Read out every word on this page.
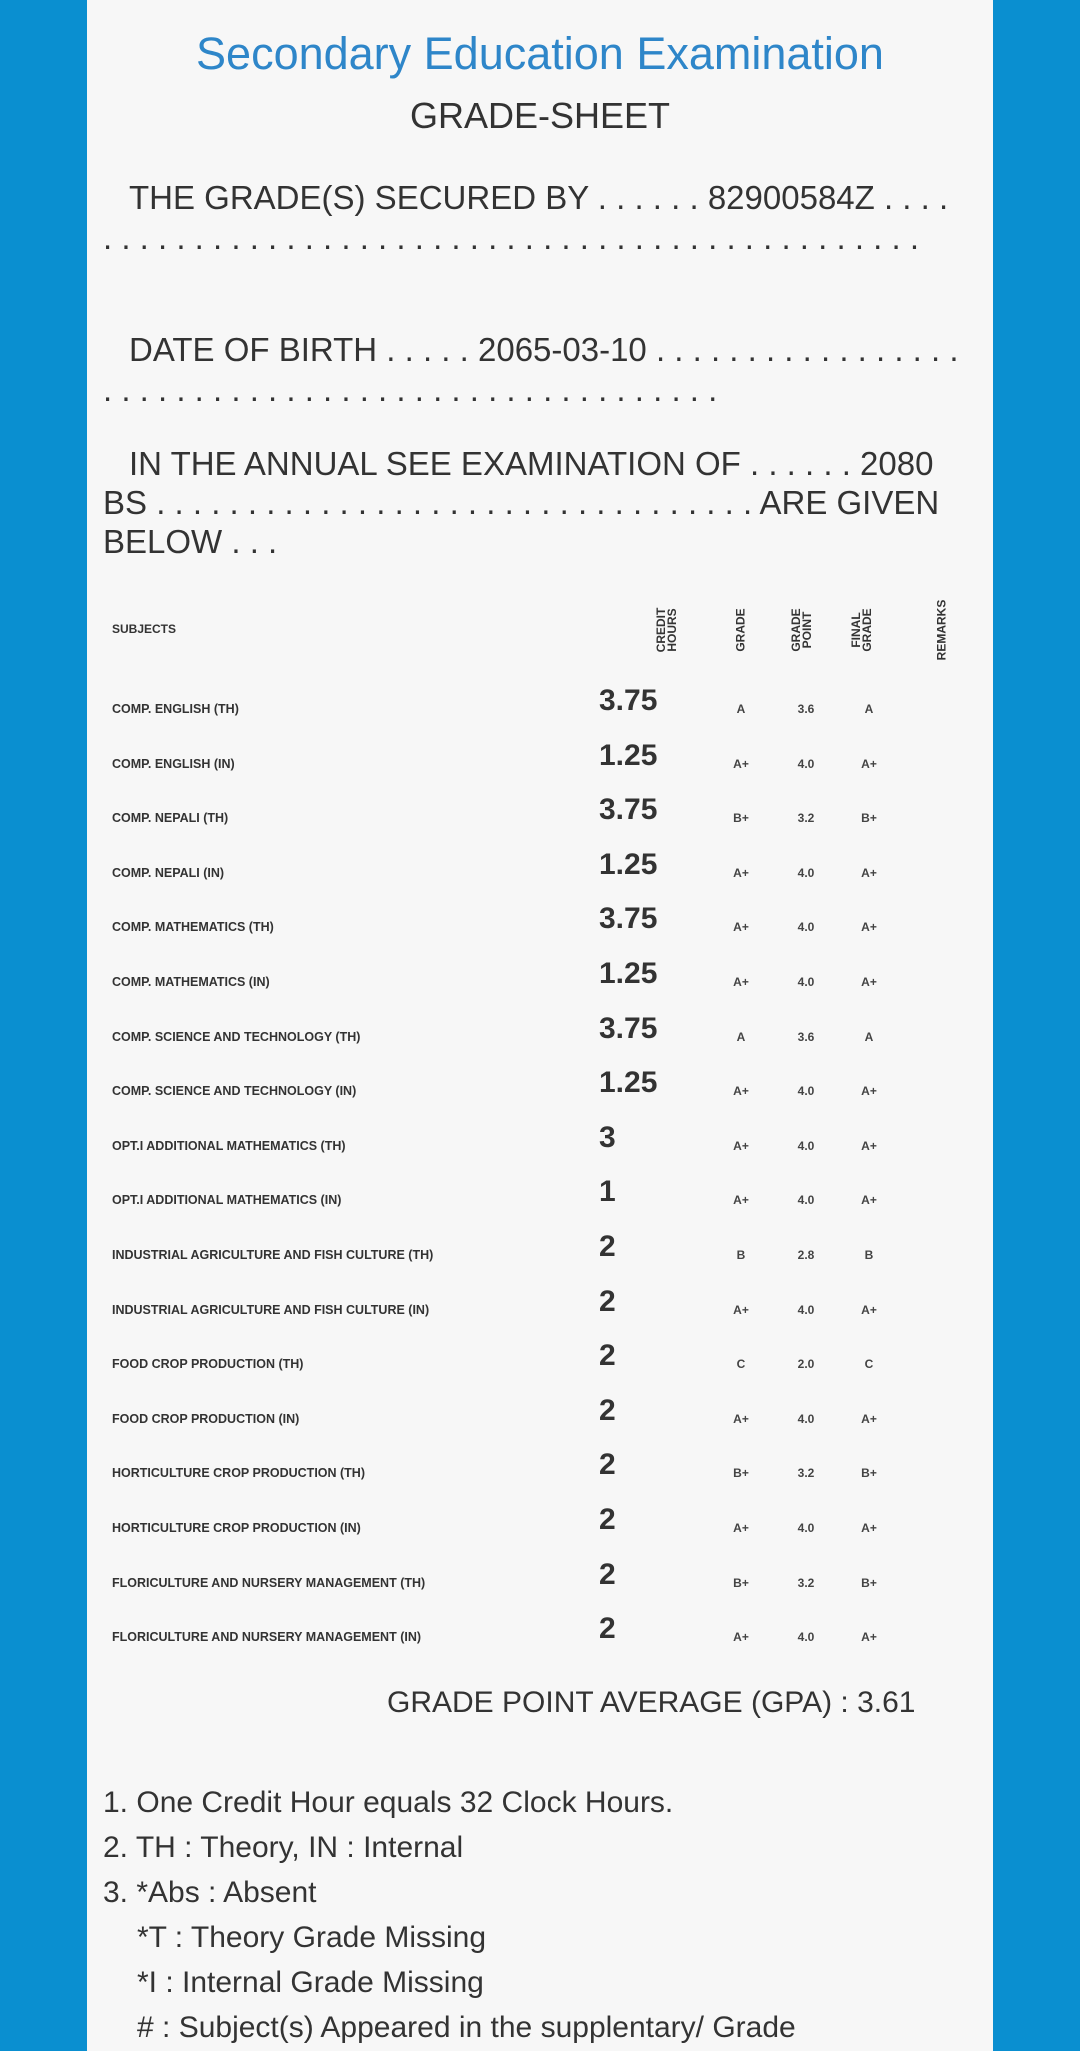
Secondary Education Examination
GRADE-SHEET
THE GRADE(S) SECURED BY . . . . . . 82900584Z . . . . . . . . . . . . . . . . . . . . . . . . . . . . . . . . . . . . . . . . . . . . . . . . .
DATE OF BIRTH . . . . . 2065-03-10 . . . . . . . . . . . . . . . . . . . . . . . . . . . . . . . . . . . . . . . . . . . . . . . . . . .
IN THE ANNUAL SEE EXAMINATION OF . . . . . . 2080 BS . . . . . . . . . . . . . . . . . . . . . . . . . . . . . . . . . ARE GIVEN BELOW . . .
SUBJECTS	CREDIT HOURS	GRADE	GRADE POINT	FINAL GRADE	REMARKS
COMP. ENGLISH (TH)	3.75	A	3.6	A
COMP. ENGLISH (IN)	1.25	A+	4.0	A+
COMP. NEPALI (TH)	3.75	B+	3.2	B+
COMP. NEPALI (IN)	1.25	A+	4.0	A+
COMP. MATHEMATICS (TH)	3.75	A+	4.0	A+
COMP. MATHEMATICS (IN)	1.25	A+	4.0	A+
COMP. SCIENCE AND TECHNOLOGY (TH)	3.75	A	3.6	A
COMP. SCIENCE AND TECHNOLOGY (IN)	1.25	A+	4.0	A+
OPT.I ADDITIONAL MATHEMATICS (TH)	3	A+	4.0	A+
OPT.I ADDITIONAL MATHEMATICS (IN)	1	A+	4.0	A+
INDUSTRIAL AGRICULTURE AND FISH CULTURE (TH)	2	B	2.8	B
INDUSTRIAL AGRICULTURE AND FISH CULTURE (IN)	2	A+	4.0	A+
FOOD CROP PRODUCTION (TH)	2	C	2.0	C
FOOD CROP PRODUCTION (IN)	2	A+	4.0	A+
HORTICULTURE CROP PRODUCTION (TH)	2	B+	3.2	B+
HORTICULTURE CROP PRODUCTION (IN)	2	A+	4.0	A+
FLORICULTURE AND NURSERY MANAGEMENT (TH)	2	B+	3.2	B+
FLORICULTURE AND NURSERY MANAGEMENT (IN)	2	A+	4.0	A+
GRADE POINT AVERAGE (GPA) : 3.61
1. One Credit Hour equals 32 Clock Hours.
2. TH : Theory, IN : Internal
3. *Abs : Absent
*T : Theory Grade Missing
*I : Internal Grade Missing
# : Subject(s) Appeared in the supplentary/ Grade
